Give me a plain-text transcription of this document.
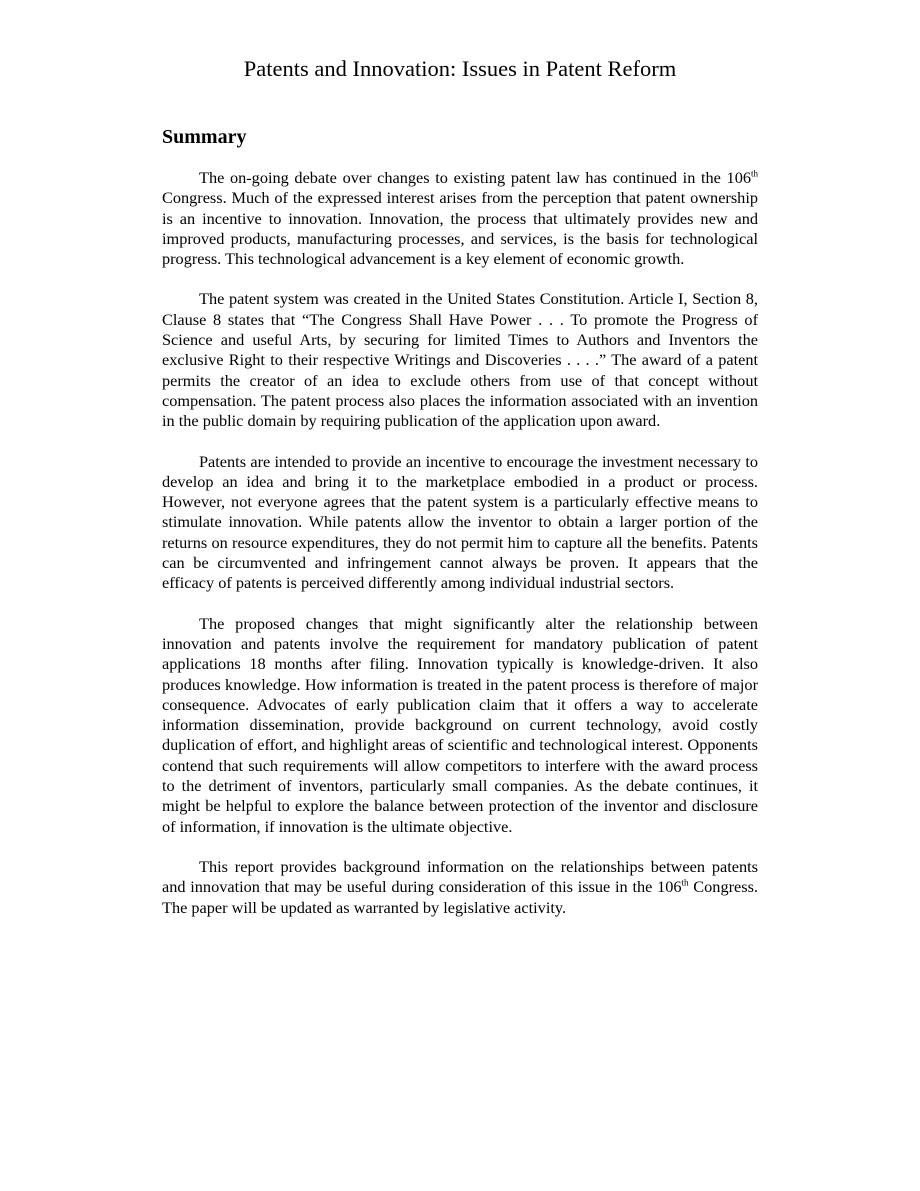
Patents and Innovation: Issues in Patent Reform
Summary

The on-going debate over changes to existing patent law has continued in the 106th Congress. Much of the expressed interest arises from the perception that patent ownership is an incentive to innovation. Innovation, the process that ultimately provides new and improved products, manufacturing processes, and services, is the basis for technological progress. This technological advancement is a key element of economic growth.

The patent system was created in the United States Constitution. Article I, Section 8, Clause 8 states that “The Congress Shall Have Power . . . To promote the Progress of Science and useful Arts, by securing for limited Times to Authors and Inventors the exclusive Right to their respective Writings and Discoveries . . . .” The award of a patent permits the creator of an idea to exclude others from use of that concept without compensation. The patent process also places the information associated with an invention in the public domain by requiring publication of the application upon award.

Patents are intended to provide an incentive to encourage the investment necessary to develop an idea and bring it to the marketplace embodied in a product or process. However, not everyone agrees that the patent system is a particularly effective means to stimulate innovation. While patents allow the inventor to obtain a larger portion of the returns on resource expenditures, they do not permit him to capture all the benefits. Patents can be circumvented and infringement cannot always be proven. It appears that the efficacy of patents is perceived differently among individual industrial sectors.

The proposed changes that might significantly alter the relationship between innovation and patents involve the requirement for mandatory publication of patent applications 18 months after filing. Innovation typically is knowledge-driven. It also produces knowledge. How information is treated in the patent process is therefore of major consequence. Advocates of early publication claim that it offers a way to accelerate information dissemination, provide background on current technology, avoid costly duplication of effort, and highlight areas of scientific and technological interest. Opponents contend that such requirements will allow competitors to interfere with the award process to the detriment of inventors, particularly small companies. As the debate continues, it might be helpful to explore the balance between protection of the inventor and disclosure of information, if innovation is the ultimate objective.

This report provides background information on the relationships between patents and innovation that may be useful during consideration of this issue in the 106th Congress. The paper will be updated as warranted by legislative activity.
